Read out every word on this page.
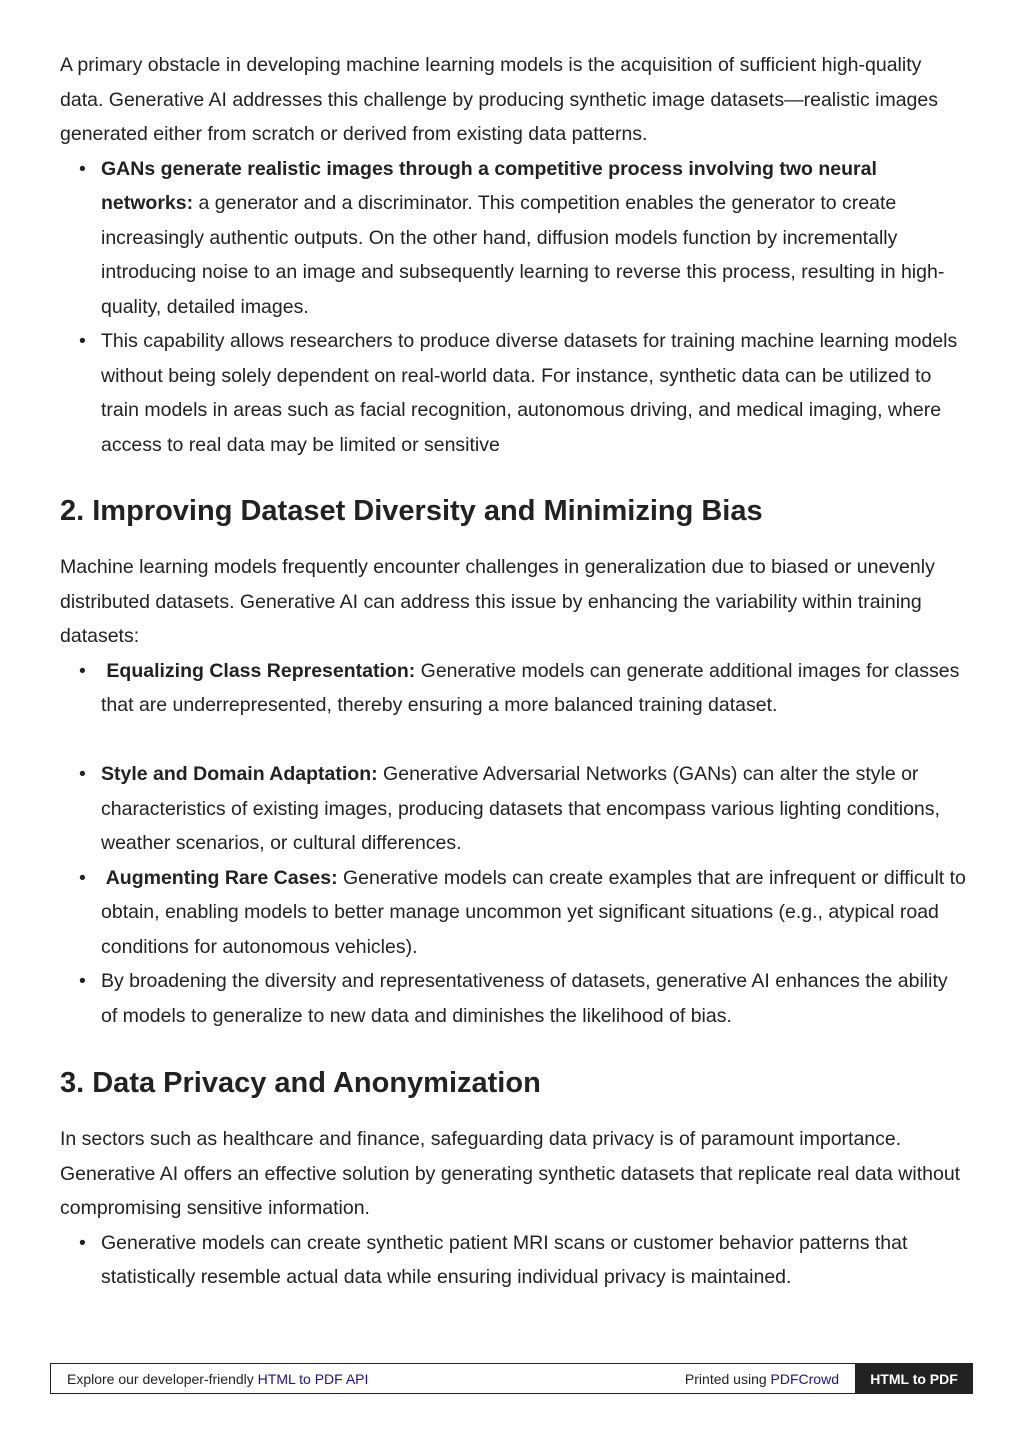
A primary obstacle in developing machine learning models is the acquisition of sufficient high-quality data. Generative AI addresses this challenge by producing synthetic image datasets—realistic images generated either from scratch or derived from existing data patterns.

• GANs generate realistic images through a competitive process involving two neural networks: a generator and a discriminator. This competition enables the generator to create increasingly authentic outputs. On the other hand, diffusion models function by incrementally introducing noise to an image and subsequently learning to reverse this process, resulting in high-quality, detailed images.
• This capability allows researchers to produce diverse datasets for training machine learning models without being solely dependent on real-world data. For instance, synthetic data can be utilized to train models in areas such as facial recognition, autonomous driving, and medical imaging, where access to real data may be limited or sensitive
2. Improving Dataset Diversity and Minimizing Bias

Machine learning models frequently encounter challenges in generalization due to biased or unevenly distributed datasets. Generative AI can address this issue by enhancing the variability within training datasets:

• Equalizing Class Representation: Generative models can generate additional images for classes that are underrepresented, thereby ensuring a more balanced training dataset.
• Style and Domain Adaptation: Generative Adversarial Networks (GANs) can alter the style or characteristics of existing images, producing datasets that encompass various lighting conditions, weather scenarios, or cultural differences.
• Augmenting Rare Cases: Generative models can create examples that are infrequent or difficult to obtain, enabling models to better manage uncommon yet significant situations (e.g., atypical road conditions for autonomous vehicles).
• By broadening the diversity and representativeness of datasets, generative AI enhances the ability of models to generalize to new data and diminishes the likelihood of bias.
3. Data Privacy and Anonymization

In sectors such as healthcare and finance, safeguarding data privacy is of paramount importance. Generative AI offers an effective solution by generating synthetic datasets that replicate real data without compromising sensitive information.

• Generative models can create synthetic patient MRI scans or customer behavior patterns that statistically resemble actual data while ensuring individual privacy is maintained.
Explore our developer-friendly HTML to PDF API	Printed using PDFCrowd	HTML to PDF
